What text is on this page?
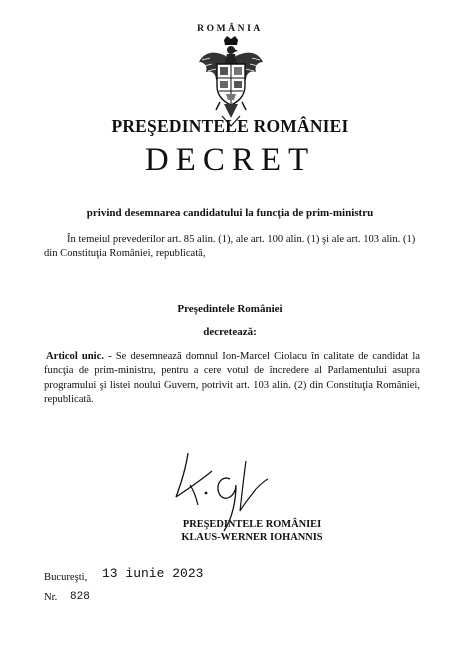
ROMÂNIA
PREŞEDINTELE ROMÂNIEI
DECRET
privind desemnarea candidatului la funcţia de prim-ministru

În temeiul prevederilor art. 85 alin. (1), ale art. 100 alin. (1) şi ale art. 103 alin. (1)

din Constituţia României, republicată,

Preşedintele României
decretează:
Articol unic. - Se desemnează domnul Ion-Marcel Ciolacu în calitate de candidat la funcţia de prim-ministru, pentru a cere votul de încredere al Parlamentului asupra programului şi listei noului Guvern, potrivit art. 103 alin. (2) din Constituţia României, republicată.
PREŞEDINTELE ROMÂNIEI
KLAUS-WERNER IOHANNIS
Bucureşti, 13 iunie 2023
Nr. 828
